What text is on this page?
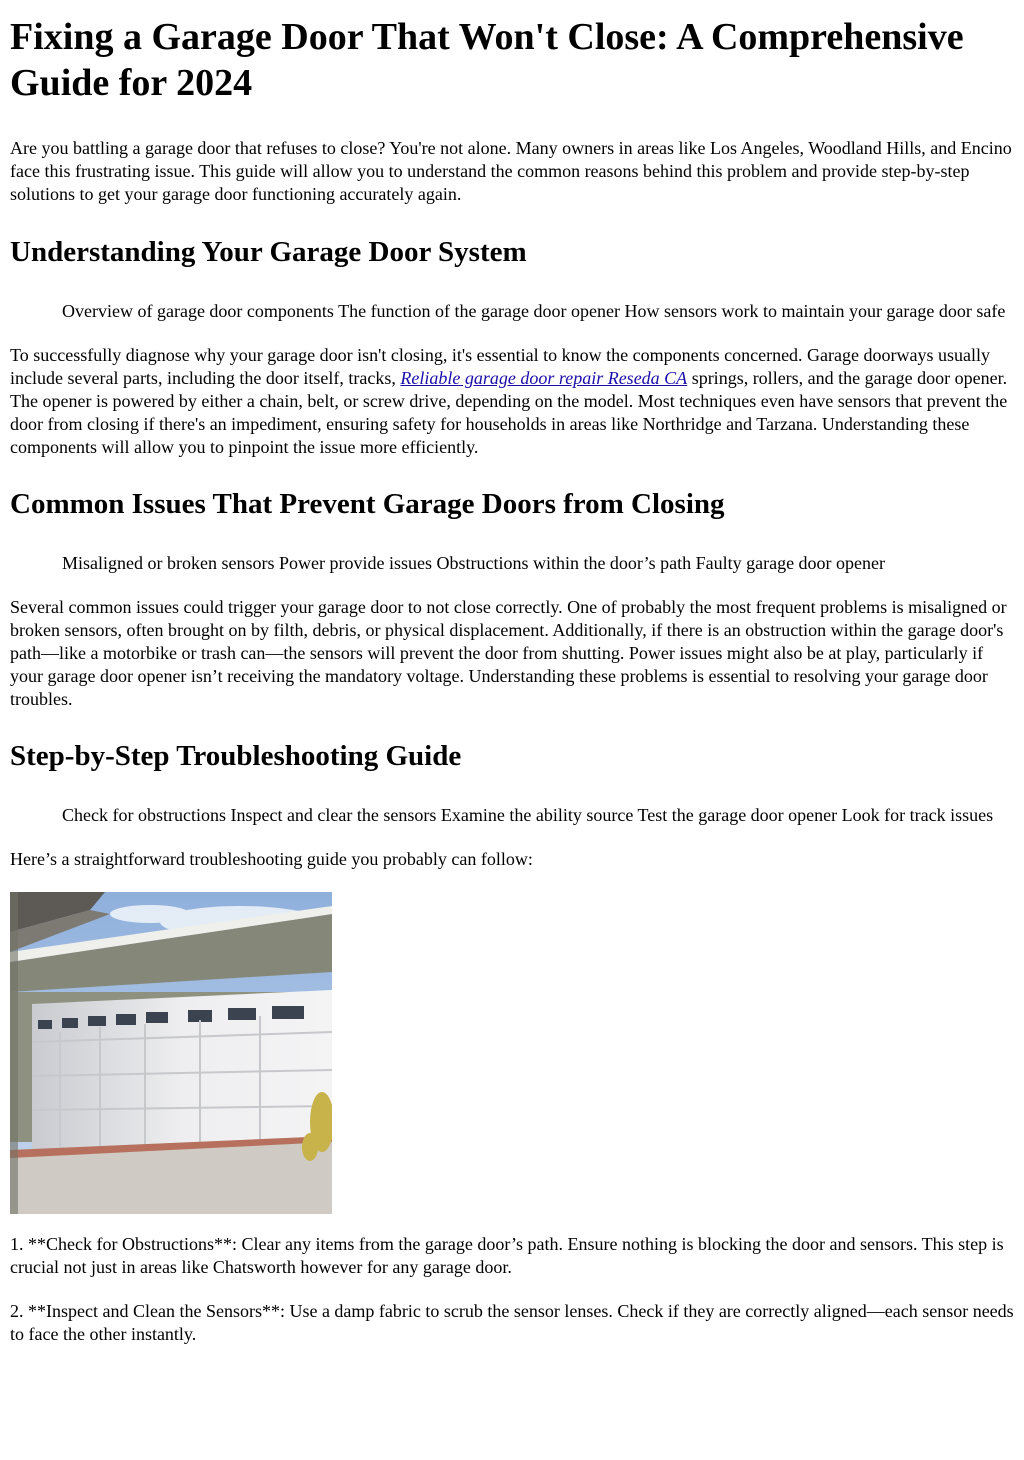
Fixing a Garage Door That Won't Close: A Comprehensive Guide for 2024

Are you battling a garage door that refuses to close? You're not alone. Many owners in areas like Los Angeles, Woodland Hills, and Encino face this frustrating issue. This guide will allow you to understand the common reasons behind this problem and provide step-by-step solutions to get your garage door functioning accurately again.

Understanding Your Garage Door System

Overview of garage door components The function of the garage door opener How sensors work to maintain your garage door safe

To successfully diagnose why your garage door isn't closing, it's essential to know the components concerned. Garage doorways usually include several parts, including the door itself, tracks, Reliable garage door repair Reseda CA springs, rollers, and the garage door opener. The opener is powered by either a chain, belt, or screw drive, depending on the model. Most techniques even have sensors that prevent the door from closing if there's an impediment, ensuring safety for households in areas like Northridge and Tarzana. Understanding these components will allow you to pinpoint the issue more efficiently.

Common Issues That Prevent Garage Doors from Closing

Misaligned or broken sensors Power provide issues Obstructions within the door’s path Faulty garage door opener

Several common issues could trigger your garage door to not close correctly. One of probably the most frequent problems is misaligned or broken sensors, often brought on by filth, debris, or physical displacement. Additionally, if there is an obstruction within the garage door's path—like a motorbike or trash can—the sensors will prevent the door from shutting. Power issues might also be at play, particularly if your garage door opener isn’t receiving the mandatory voltage. Understanding these problems is essential to resolving your garage door troubles.

Step-by-Step Troubleshooting Guide

Check for obstructions Inspect and clear the sensors Examine the ability source Test the garage door opener Look for track issues

Here’s a straightforward troubleshooting guide you probably can follow:

1. **Check for Obstructions**: Clear any items from the garage door’s path. Ensure nothing is blocking the door and sensors. This step is crucial not just in areas like Chatsworth however for any garage door.

2. **Inspect and Clean the Sensors**: Use a damp fabric to scrub the sensor lenses. Check if they are correctly aligned—each sensor needs to face the other instantly.
